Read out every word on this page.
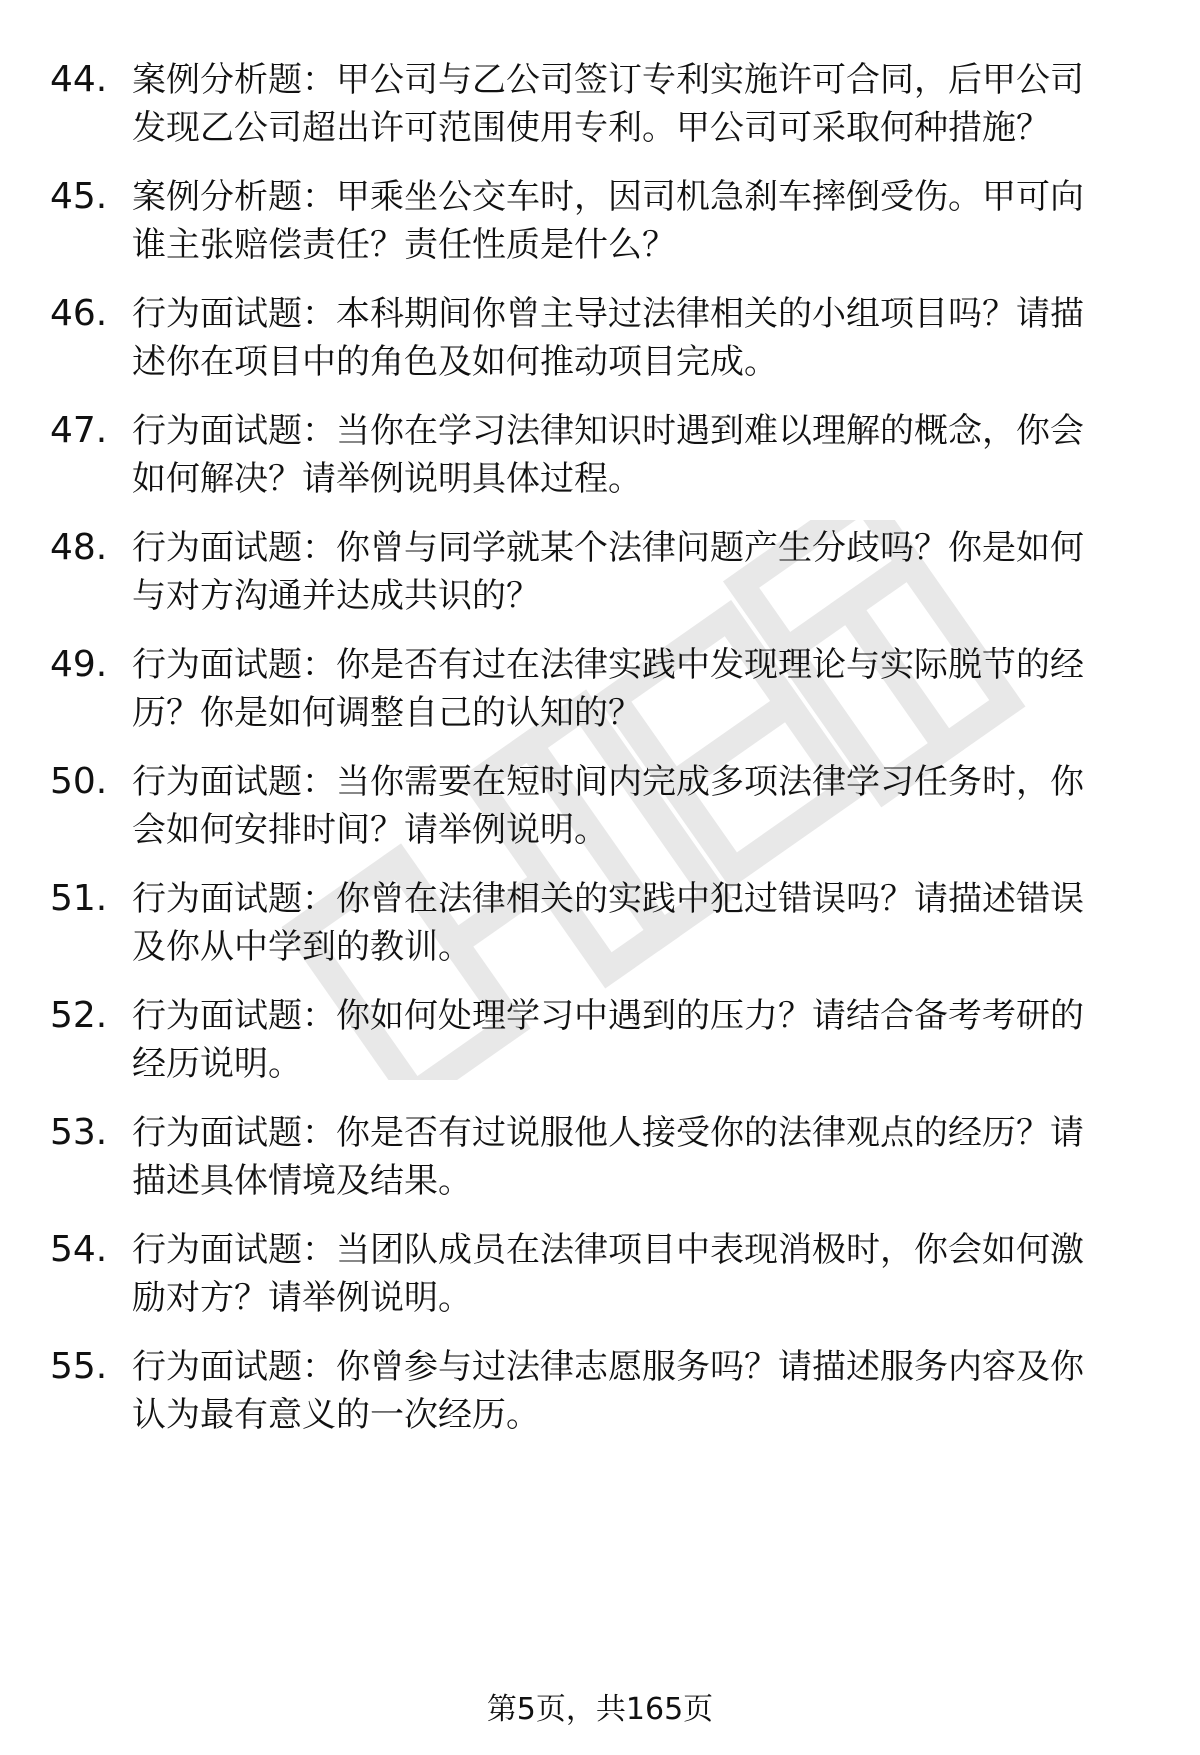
44. 案例分析题：甲公司与乙公司签订专利实施许可合同，后甲公司
发现乙公司超出许可范围使用专利。甲公司可采取何种措施？
45. 案例分析题：甲乘坐公交车时，因司机急刹车摔倒受伤。甲可向
谁主张赔偿责任？责任性质是什么？
46. 行为面试题：本科期间你曾主导过法律相关的小组项目吗？请描
述你在项目中的角色及如何推动项目完成。
47. 行为面试题：当你在学习法律知识时遇到难以理解的概念，你会
如何解决？请举例说明具体过程。
48. 行为面试题：你曾与同学就某个法律问题产生分歧吗？你是如何
与对方沟通并达成共识的？
49. 行为面试题：你是否有过在法律实践中发现理论与实际脱节的经
历？你是如何调整自己的认知的？
50. 行为面试题：当你需要在短时间内完成多项法律学习任务时，你
会如何安排时间？请举例说明。
51. 行为面试题：你曾在法律相关的实践中犯过错误吗？请描述错误
及你从中学到的教训。
52. 行为面试题：你如何处理学习中遇到的压力？请结合备考考研的
经历说明。
53. 行为面试题：你是否有过说服他人接受你的法律观点的经历？请
描述具体情境及结果。
54. 行为面试题：当团队成员在法律项目中表现消极时，你会如何激
励对方？请举例说明。
55. 行为面试题：你曾参与过法律志愿服务吗？请描述服务内容及你
认为最有意义的一次经历。
第5页，共165页
